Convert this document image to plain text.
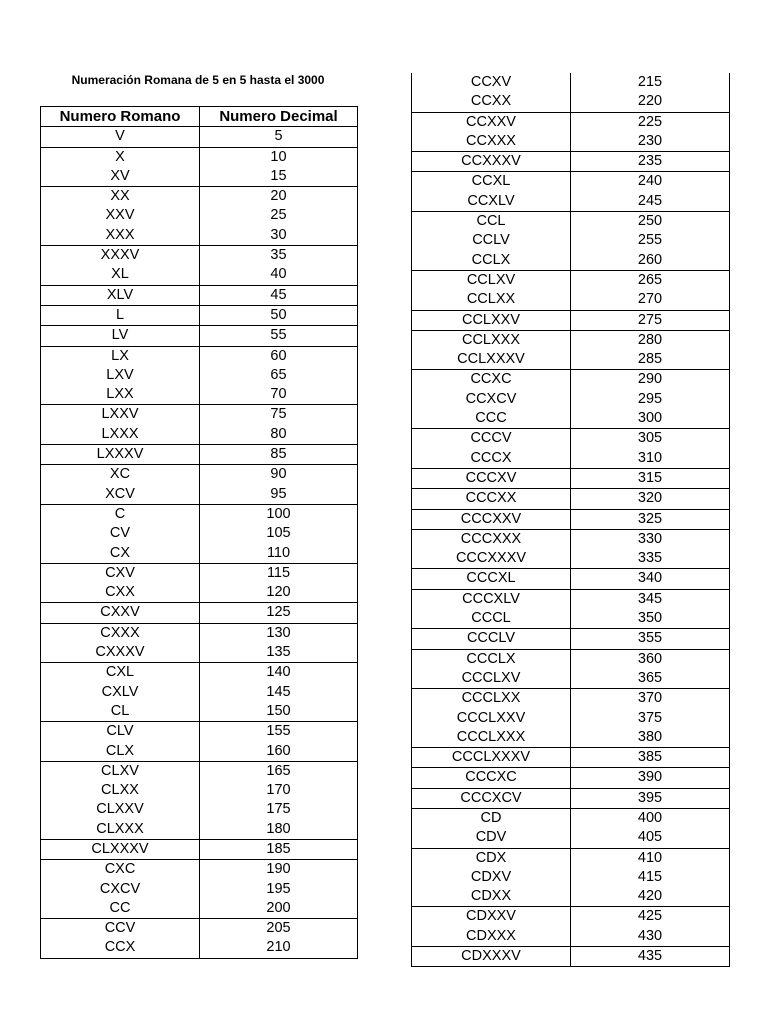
Numeración Romana de 5 en 5 hasta el 3000
Numero Romano	Numero Decimal
V	5
X	10
XV	15
XX	20
XXV	25
XXX	30
XXXV	35
XL	40
XLV	45
L	50
LV	55
LX	60
LXV	65
LXX	70
LXXV	75
LXXX	80
LXXXV	85
XC	90
XCV	95
C	100
CV	105
CX	110
CXV	115
CXX	120
CXXV	125
CXXX	130
CXXXV	135
CXL	140
CXLV	145
CL	150
CLV	155
CLX	160
CLXV	165
CLXX	170
CLXXV	175
CLXXX	180
CLXXXV	185
CXC	190
CXCV	195
CC	200
CCV	205
CCX	210
CCXV	215
CCXX	220
CCXXV	225
CCXXX	230
CCXXXV	235
CCXL	240
CCXLV	245
CCL	250
CCLV	255
CCLX	260
CCLXV	265
CCLXX	270
CCLXXV	275
CCLXXX	280
CCLXXXV	285
CCXC	290
CCXCV	295
CCC	300
CCCV	305
CCCX	310
CCCXV	315
CCCXX	320
CCCXXV	325
CCCXXX	330
CCCXXXV	335
CCCXL	340
CCCXLV	345
CCCL	350
CCCLV	355
CCCLX	360
CCCLXV	365
CCCLXX	370
CCCLXXV	375
CCCLXXX	380
CCCLXXXV	385
CCCXC	390
CCCXCV	395
CD	400
CDV	405
CDX	410
CDXV	415
CDXX	420
CDXXV	425
CDXXX	430
CDXXXV	435
